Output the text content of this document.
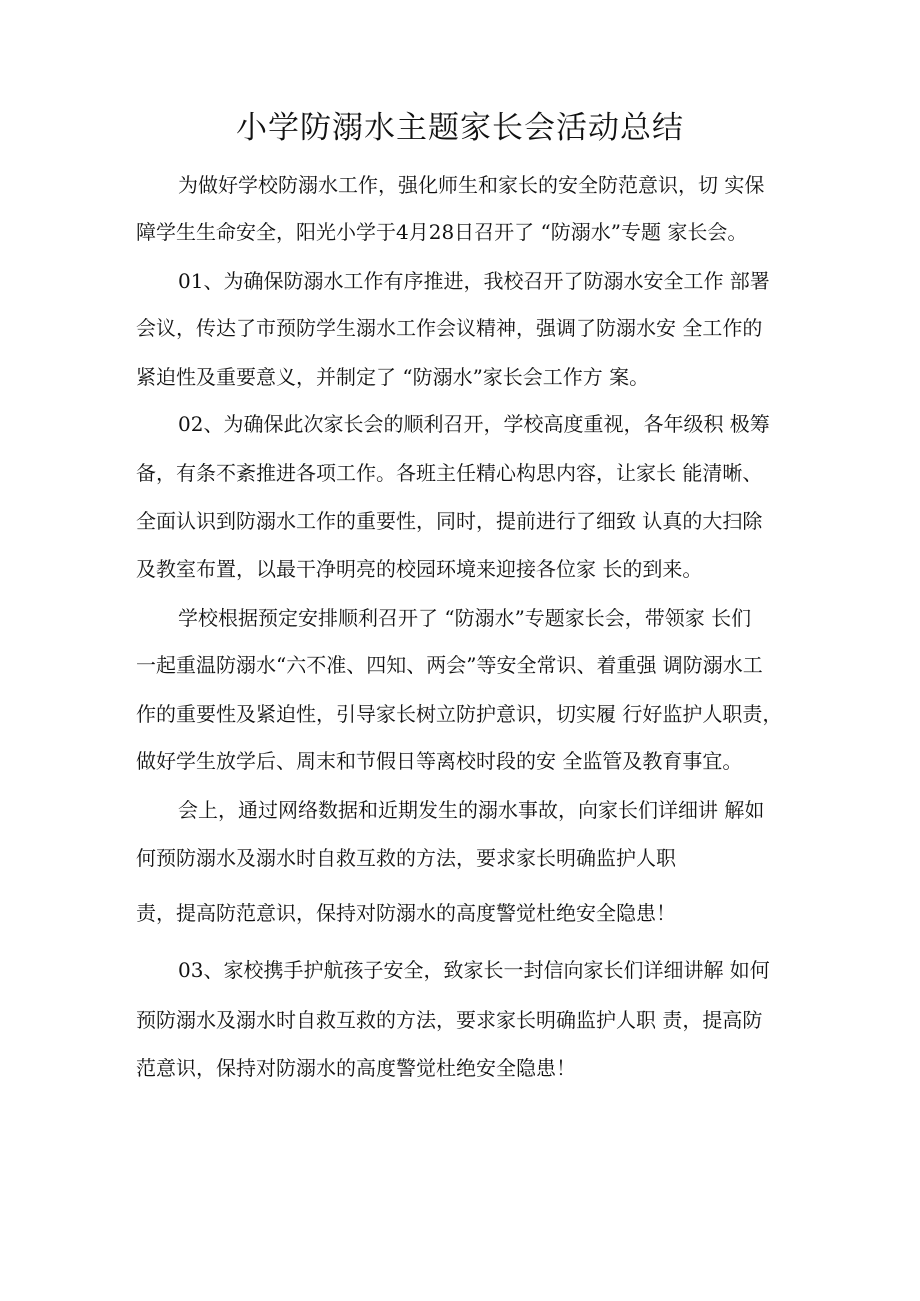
小学防溺水主题家长会活动总结

为做好学校防溺水工作，强化师生和家长的安全防范意识，切 实保

障学生生命安全，阳光小学于4月28日召开了 “防溺水”专题 家长会。

01、为确保防溺水工作有序推进，我校召开了防溺水安全工作 部署

会议，传达了市预防学生溺水工作会议精神，强调了防溺水安 全工作的

紧迫性及重要意义，并制定了 “防溺水”家长会工作方 案。

02、为确保此次家长会的顺利召开，学校高度重视，各年级积 极筹

备，有条不紊推进各项工作。各班主任精心构思内容，让家长 能清晰、

全面认识到防溺水工作的重要性，同时，提前进行了细致 认真的大扫除

及教室布置，以最干净明亮的校园环境来迎接各位家 长的到来。

学校根据预定安排顺利召开了 “防溺水”专题家长会，带领家 长们

一起重温防溺水“六不准、四知、两会”等安全常识、着重强 调防溺水工

作的重要性及紧迫性，引导家长树立防护意识，切实履 行好监护人职责，

做好学生放学后、周末和节假日等离校时段的安 全监管及教育事宜。

会上，通过网络数据和近期发生的溺水事故，向家长们详细讲 解如

何预防溺水及溺水时自救互救的方法，要求家长明确监护人职

责，提高防范意识，保持对防溺水的高度警觉杜绝安全隐患！

03、家校携手护航孩子安全，致家长一封信向家长们详细讲解 如何

预防溺水及溺水时自救互救的方法，要求家长明确监护人职 责，提高防

范意识，保持对防溺水的高度警觉杜绝安全隐患！
